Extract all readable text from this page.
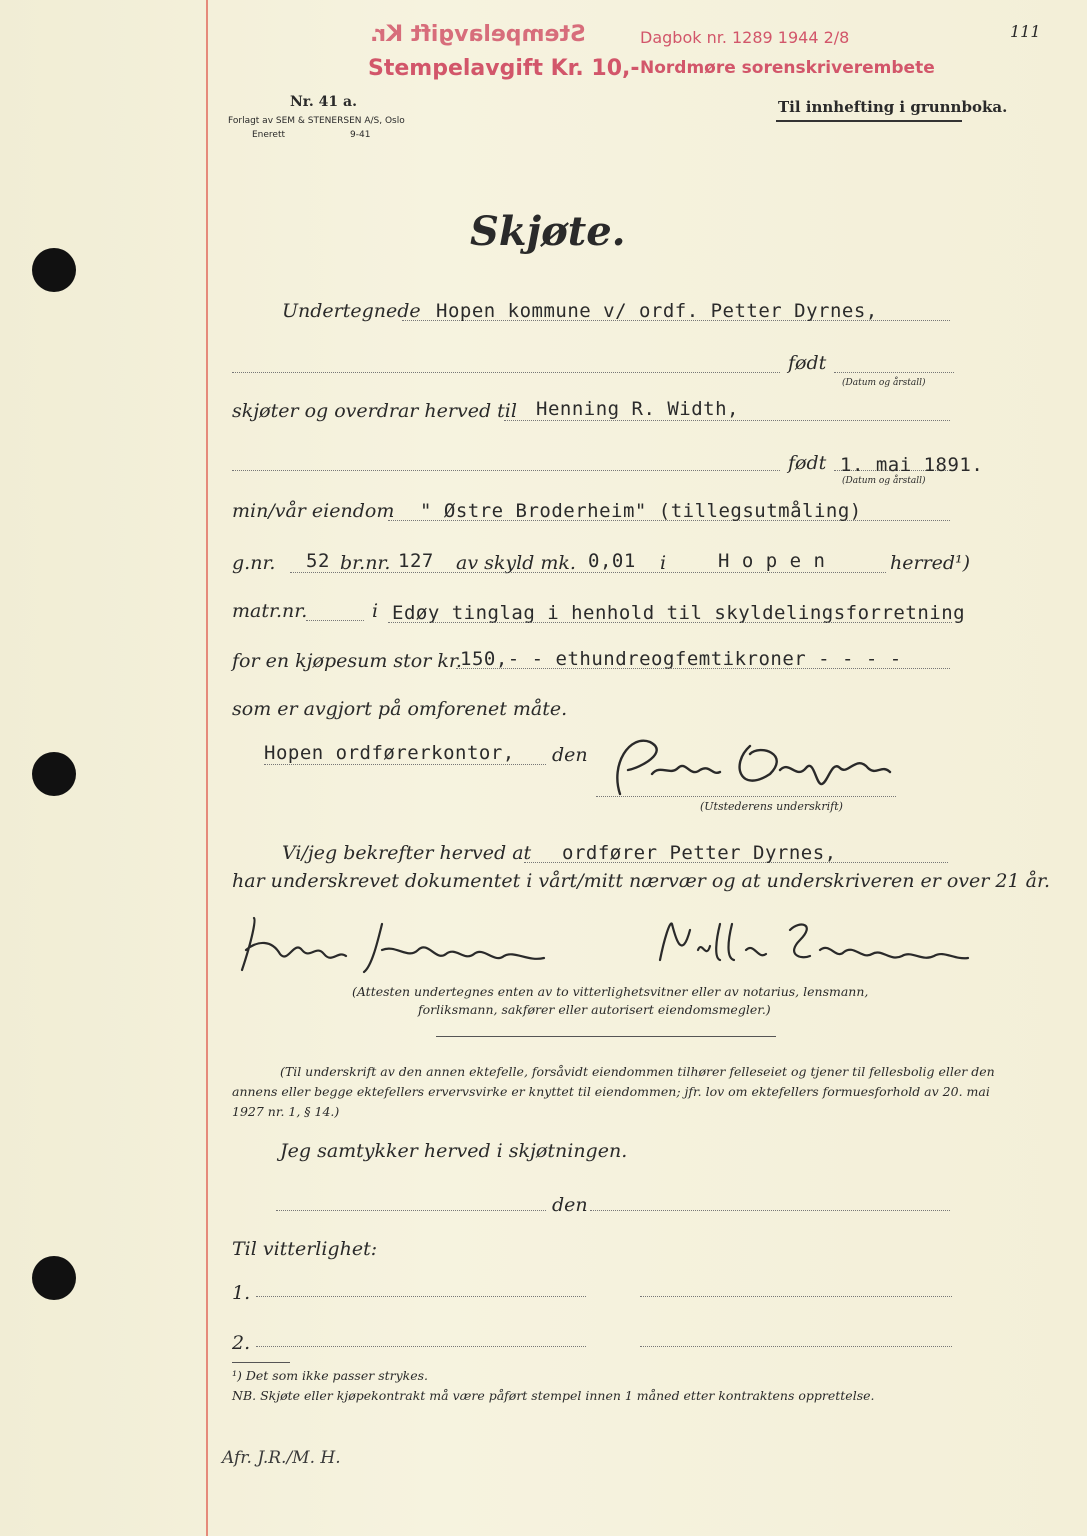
Stempelavgift Kr.
Stempelavgift Kr. 10,-
Dagbok nr. 1289 1944 2/8
Nordmøre sorenskriverembete
111
Nr. 41 a.
Forlagt av SEM & STENERSEN A/S, Oslo
Enerett	9-41
Til innhefting i grunnboka.
Skjøte.
Undertegnede Hopen kommune v/ ordf. Petter Dyrnes,
født
(Datum og årstall)
skjøter og overdrar herved til Henning R. Width,
født 1. mai 1891.
(Datum og årstall)
min/vår eiendom " Østre Broderheim" (tillegsutmåling)
g.nr. 52 br.nr. 127 av skyld mk. 0,01 i	H o p e n	herred¹)
matr.nr.	i Edøy tinglag i henhold til skyldelingsforretning
for en kjøpesum stor kr.
150,- - ethundreogfemtikroner - - - -
som er avgjort på omforenet måte.
Hopen ordførerkontor, den
(Utstederens underskrift)
Vi/jeg bekrefter herved at ordfører Petter Dyrnes,
har underskrevet dokumentet i vårt/mitt nærvær og at underskriveren er over 21 år.
(Attesten undertegnes enten av to vitterlighetsvitner eller av notarius, lensmann,
forliksmann, sakfører eller autorisert eiendomsmegler.)
(Til underskrift av den annen ektefelle, forsåvidt eiendommen tilhører felleseiet og tjener til fellesbolig eller den
annens eller begge ektefellers ervervsvirke er knyttet til eiendommen; jfr. lov om ektefellers formuesforhold av 20. mai
1927 nr. 1, § 14.)
Jeg samtykker herved i skjøtningen.
den
Til vitterlighet:
1.
2.
¹) Det som ikke passer strykes.
NB. Skjøte eller kjøpekontrakt må være påført stempel innen 1 måned etter kontraktens opprettelse.
Afr. J.R./M. H.
